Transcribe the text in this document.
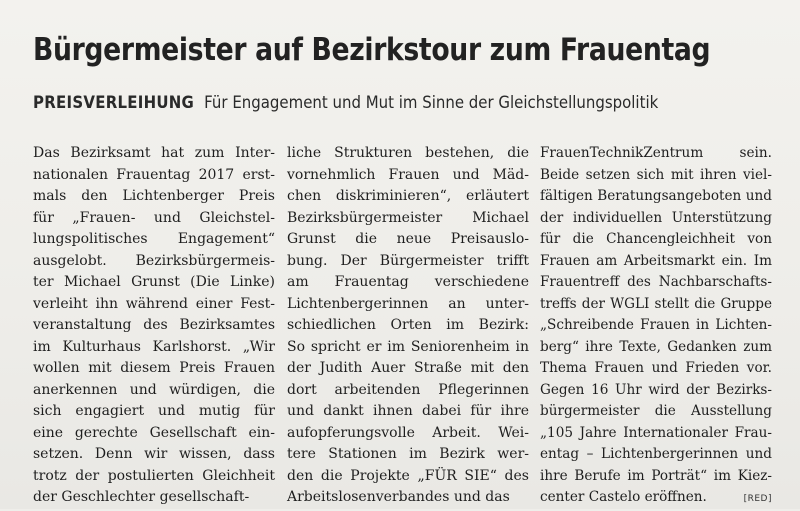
Bürgermeister auf Bezirkstour zum Frauentag
PREISVERLEIHUNG Für Engagement und Mut im Sinne der Gleichstellungspolitik
Das Bezirksamt hat zum Inter-
nationalen Frauentag 2017 erst-
mals den Lichtenberger Preis
für „Frauen- und Gleichstel-
lungspolitisches Engagement“
ausgelobt. Bezirksbürgermeis-
ter Michael Grunst (Die Linke)
verleiht ihn während einer Fest-
veranstaltung des Bezirksamtes
im Kulturhaus Karlshorst. „Wir
wollen mit diesem Preis Frauen
anerkennen und würdigen, die
sich engagiert und mutig für
eine gerechte Gesellschaft ein-
setzen. Denn wir wissen, dass
trotz der postulierten Gleichheit
der Geschlechter gesellschaft-
liche Strukturen bestehen, die
vornehmlich Frauen und Mäd-
chen diskriminieren“, erläutert
Bezirksbürgermeister Michael
Grunst die neue Preisauslo-
bung. Der Bürgermeister trifft
am Frauentag verschiedene
Lichtenbergerinnen an unter-
schiedlichen Orten im Bezirk:
So spricht er im Seniorenheim in
der Judith Auer Straße mit den
dort arbeitenden Pflegerinnen
und dankt ihnen dabei für ihre
aufopferungsvolle Arbeit. Wei-
tere Stationen im Bezirk wer-
den die Projekte „FÜR SIE“ des
Arbeitslosenverbandes und das
FrauenTechnikZentrum sein.
Beide setzen sich mit ihren viel-
fältigen Beratungsangeboten und
der individuellen Unterstützung
für die Chancengleichheit von
Frauen am Arbeitsmarkt ein. Im
Frauentreff des Nachbarschafts-
treffs der WGLI stellt die Gruppe
„Schreibende Frauen in Lichten-
berg“ ihre Texte, Gedanken zum
Thema Frauen und Frieden vor.
Gegen 16 Uhr wird der Bezirks-
bürgermeister die Ausstellung
„105 Jahre Internationaler Frau-
entag – Lichtenbergerinnen und
ihre Berufe im Porträt“ im Kiez-
center Castelo eröffnen.	[RED]
